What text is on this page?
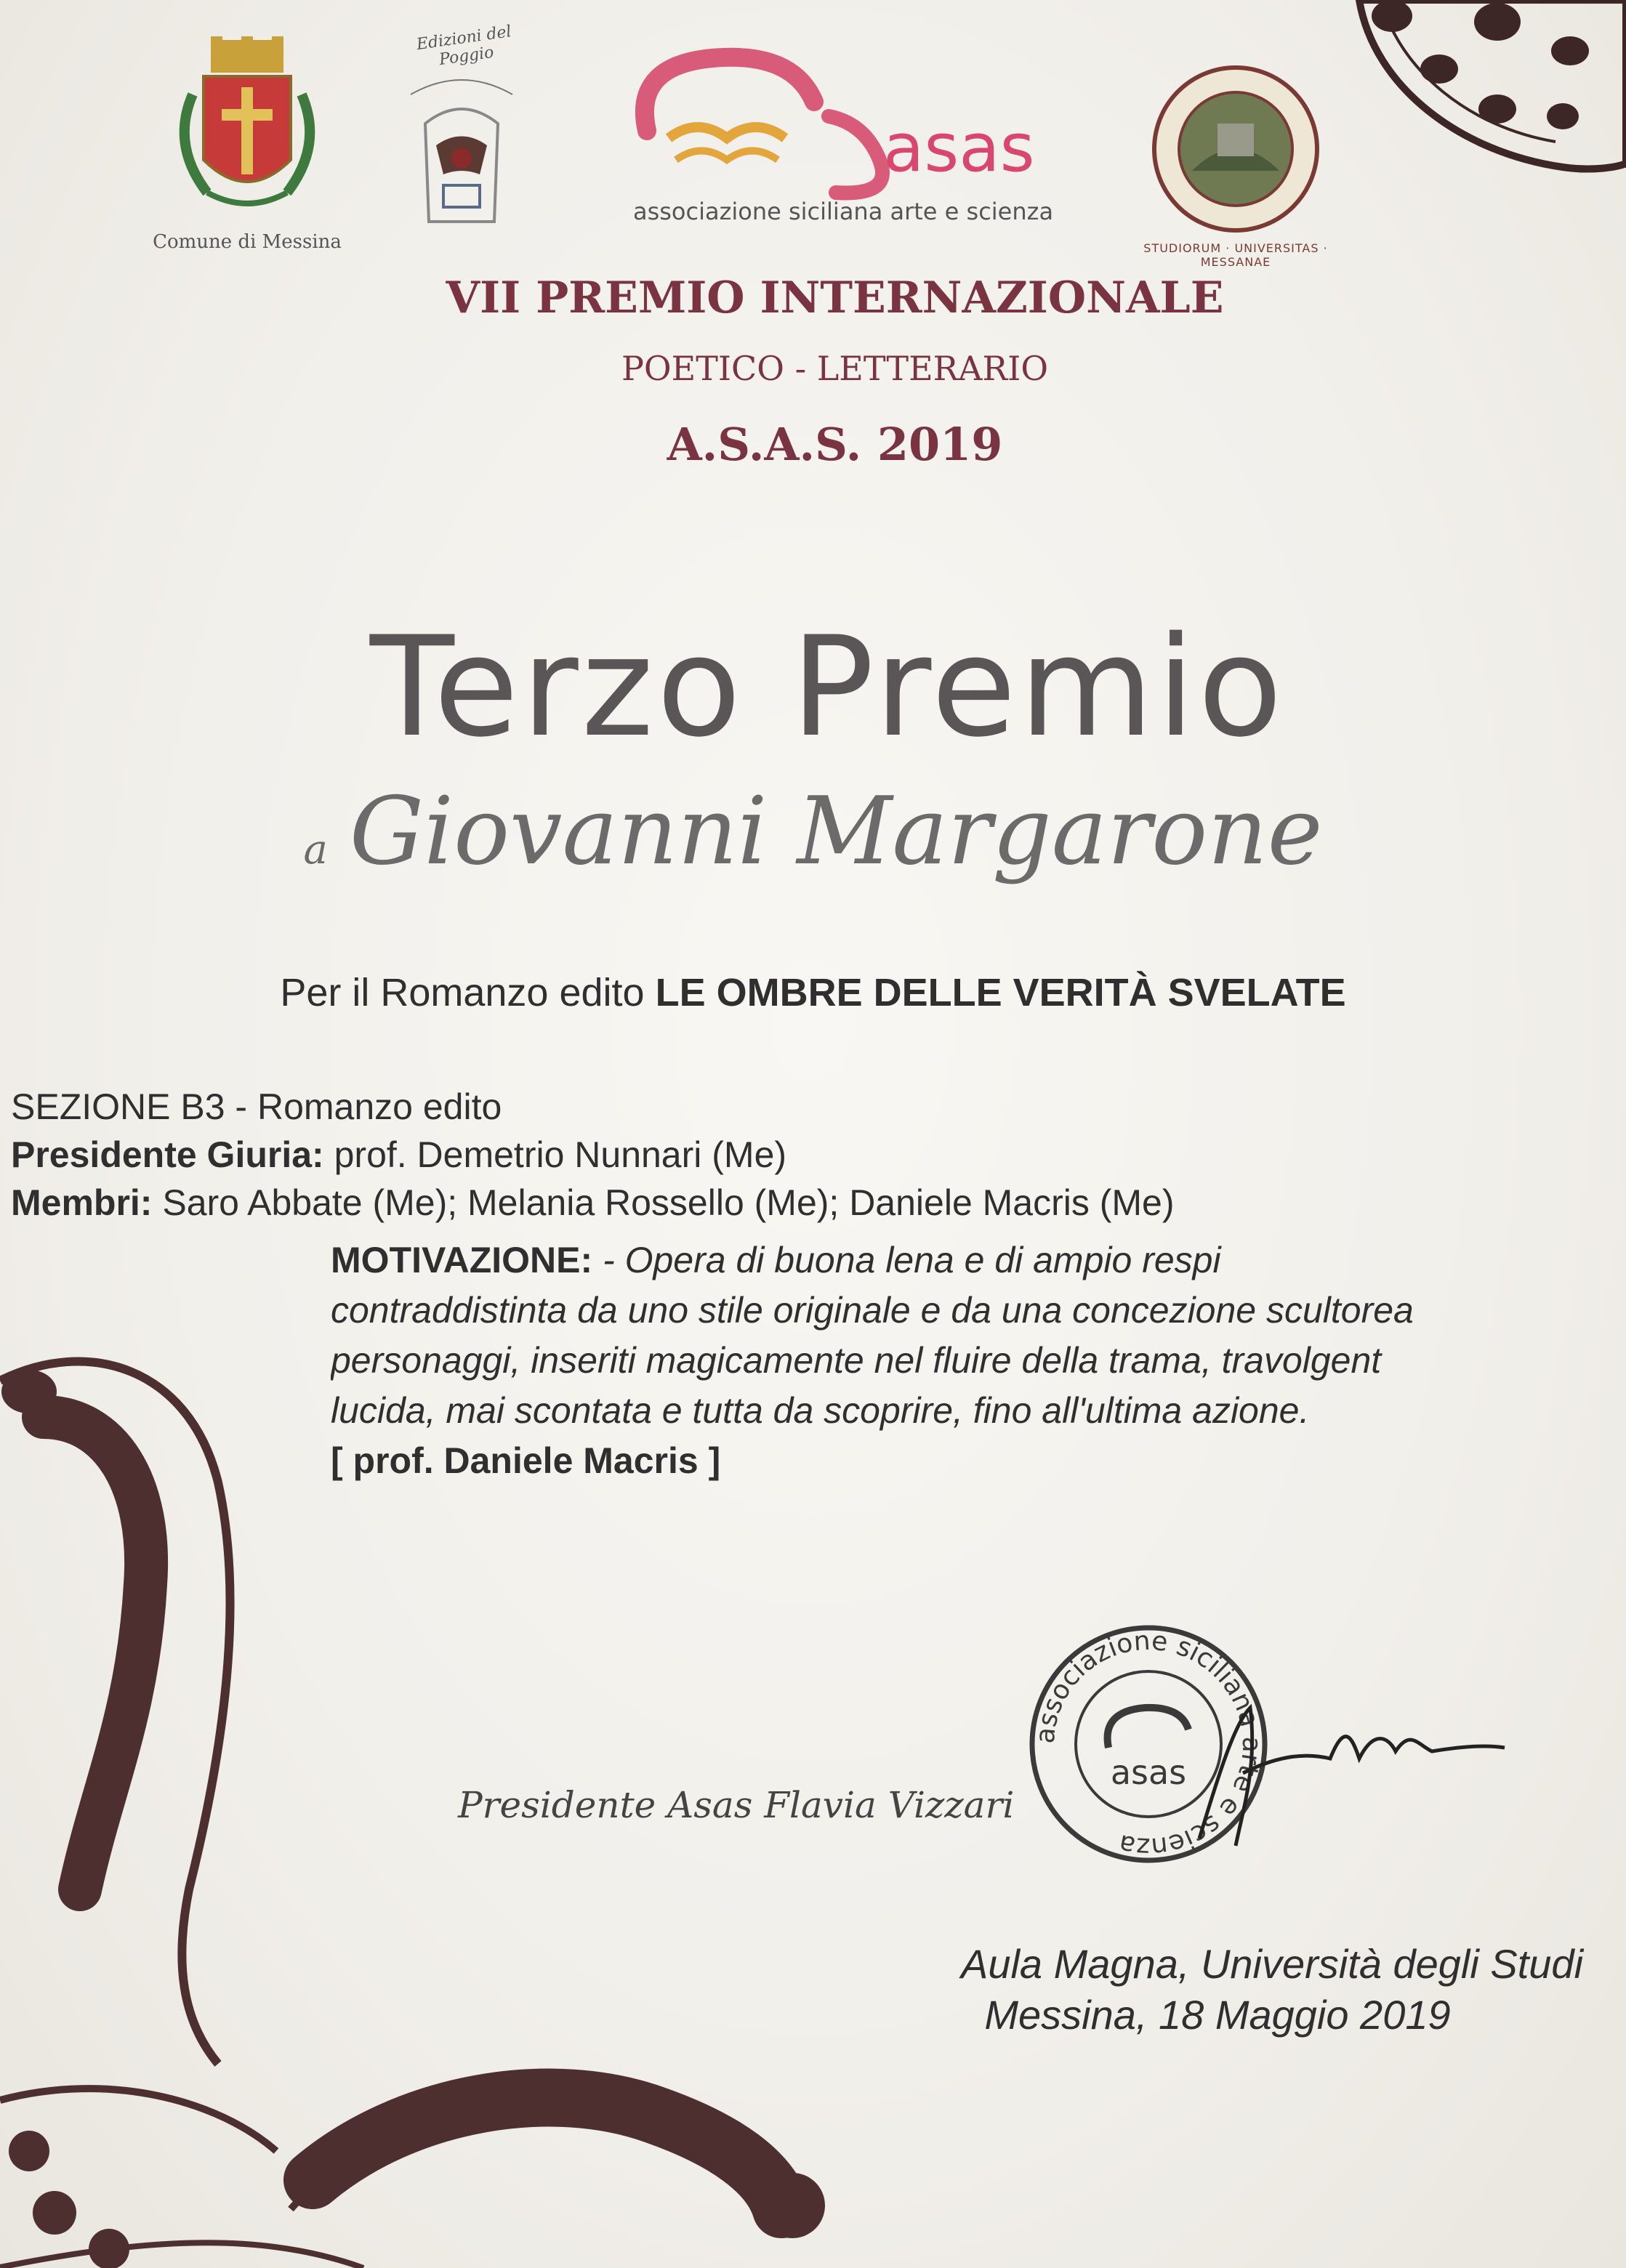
Comune di Messina
Edizioni del Poggio
asas
associazione siciliana arte e scienza
STUDIORUM · UNIVERSITAS · MESSANAE
VII PREMIO INTERNAZIONALE
POETICO - LETTERARIO
A.S.A.S. 2019
Terzo Premio
a Giovanni Margarone
Per il Romanzo edito LE OMBRE DELLE VERITÀ SVELATE
SEZIONE B3 - Romanzo edito
Presidente Giuria: prof. Demetrio Nunnari (Me)
Membri: Saro Abbate (Me); Melania Rossello (Me); Daniele Macris (Me)
MOTIVAZIONE: - Opera di buona lena e di ampio respi
contraddistinta da uno stile originale e da una concezione scultorea
personaggi, inseriti magicamente nel fluire della trama, travolgent
lucida, mai scontata e tutta da scoprire, fino all'ultima azione.
[ prof. Daniele Macris ]
Presidente Asas Flavia Vizzari
associazione siciliana arte e scienza
asas
Aula Magna, Università degli Studi
Messina, 18 Maggio 2019
